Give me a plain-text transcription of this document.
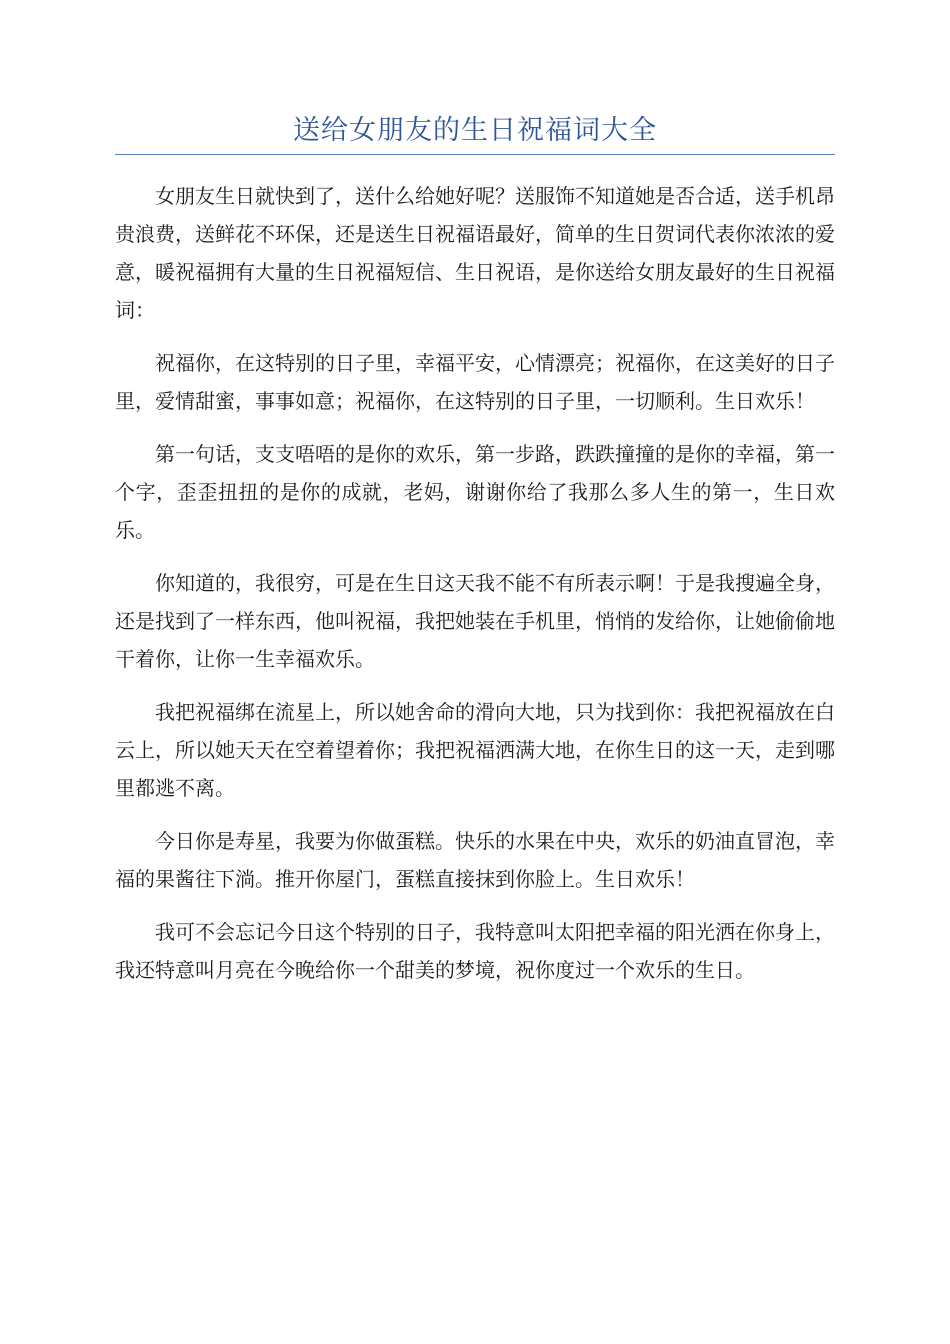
送给女朋友的生日祝福词大全

女朋友生日就快到了，送什么给她好呢？送服饰不知道她是否合适，送手机昂贵浪费，送鲜花不环保，还是送生日祝福语最好，简单的生日贺词代表你浓浓的爱意，暖祝福拥有大量的生日祝福短信、生日祝语，是你送给女朋友最好的生日祝福词：

祝福你，在这特别的日子里，幸福平安，心情漂亮；祝福你，在这美好的日子里，爱情甜蜜，事事如意；祝福你，在这特别的日子里，一切顺利。生日欢乐！

第一句话，支支唔唔的是你的欢乐，第一步路，跌跌撞撞的是你的幸福，第一个字，歪歪扭扭的是你的成就，老妈，谢谢你给了我那么多人生的第一，生日欢乐。

你知道的，我很穷，可是在生日这天我不能不有所表示啊！于是我搜遍全身，还是找到了一样东西，他叫祝福，我把她装在手机里，悄悄的发给你，让她偷偷地干着你，让你一生幸福欢乐。

我把祝福绑在流星上，所以她舍命的滑向大地，只为找到你：我把祝福放在白云上，所以她天天在空着望着你；我把祝福洒满大地，在你生日的这一天，走到哪里都逃不离。

今日你是寿星，我要为你做蛋糕。快乐的水果在中央，欢乐的奶油直冒泡，幸福的果酱往下淌。推开你屋门，蛋糕直接抹到你脸上。生日欢乐！

我可不会忘记今日这个特别的日子，我特意叫太阳把幸福的阳光洒在你身上，我还特意叫月亮在今晚给你一个甜美的梦境，祝你度过一个欢乐的生日。
